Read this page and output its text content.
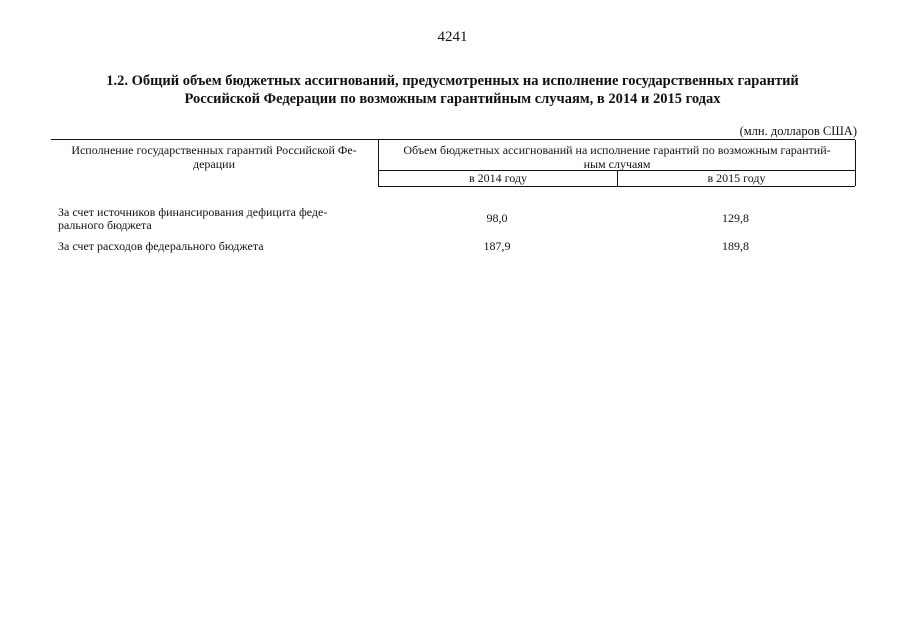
4241
1.2. Общий объем бюджетных ассигнований, предусмотренных на исполнение государственных гарантий
Российской Федерации по возможным гарантийным случаям, в 2014 и 2015 годах
(млн. долларов США)
Исполнение государственных гарантий Российской Фе-
дерации
Объем бюджетных ассигнований на исполнение гарантий по возможным гарантий-
ным случаям
в 2014 году	в 2015 году
За счет источников финансирования дефицита феде-
рального бюджета	98,0	129,8
За счет расходов федерального бюджета	187,9	189,8
